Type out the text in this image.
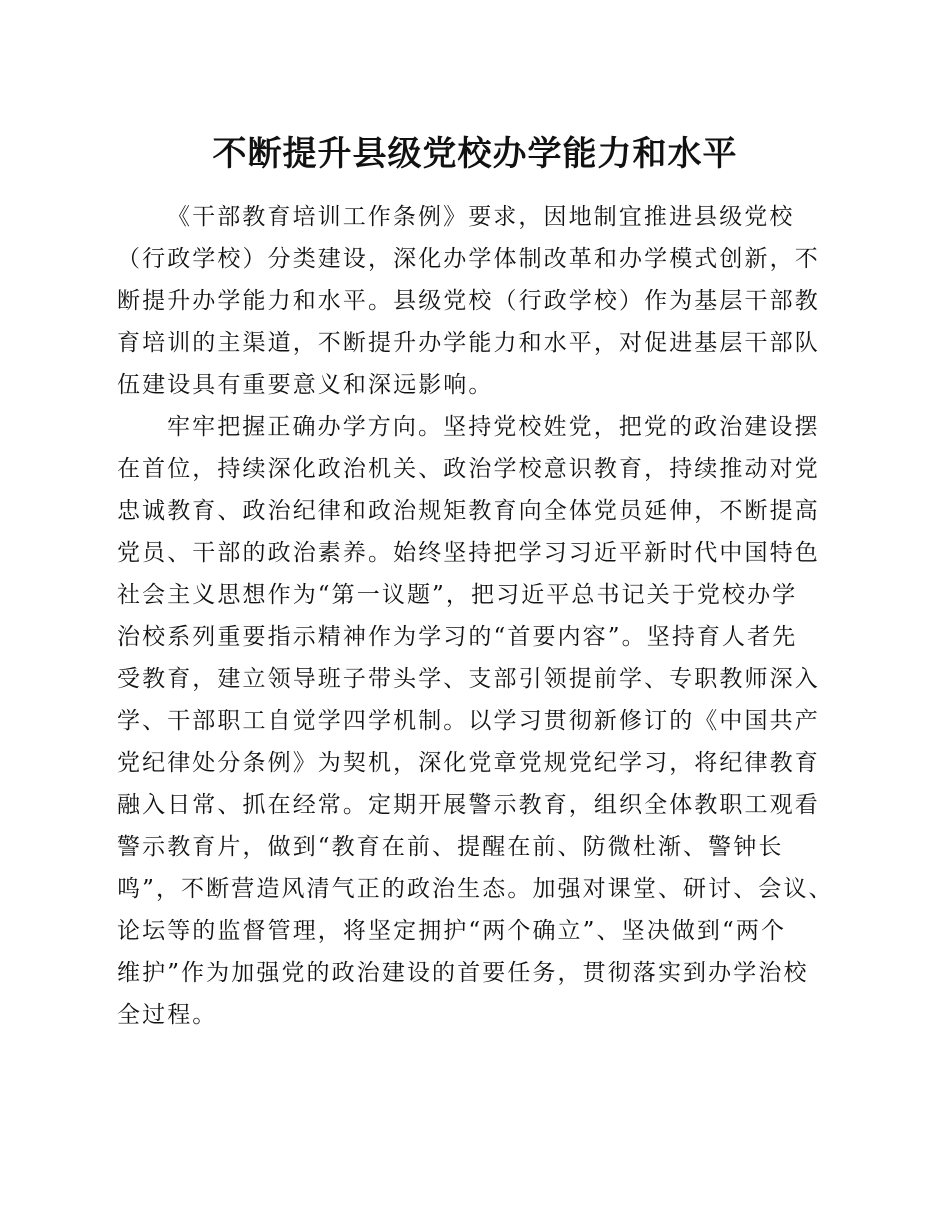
不断提升县级党校办学能力和水平
《干部教育培训工作条例》要求，因地制宜推进县级党校
（行政学校）分类建设，深化办学体制改革和办学模式创新，不
断提升办学能力和水平。县级党校（行政学校）作为基层干部教
育培训的主渠道，不断提升办学能力和水平，对促进基层干部队
伍建设具有重要意义和深远影响。
牢牢把握正确办学方向。坚持党校姓党，把党的政治建设摆
在首位，持续深化政治机关、政治学校意识教育，持续推动对党
忠诚教育、政治纪律和政治规矩教育向全体党员延伸，不断提高
党员、干部的政治素养。始终坚持把学习习近平新时代中国特色
社会主义思想作为“第一议题”，把习近平总书记关于党校办学
治校系列重要指示精神作为学习的“首要内容”。坚持育人者先
受教育，建立领导班子带头学、支部引领提前学、专职教师深入
学、干部职工自觉学四学机制。以学习贯彻新修订的《中国共产
党纪律处分条例》为契机，深化党章党规党纪学习，将纪律教育
融入日常、抓在经常。定期开展警示教育，组织全体教职工观看
警示教育片，做到“教育在前、提醒在前、防微杜渐、警钟长
鸣”，不断营造风清气正的政治生态。加强对课堂、研讨、会议、
论坛等的监督管理，将坚定拥护“两个确立”、坚决做到“两个
维护”作为加强党的政治建设的首要任务，贯彻落实到办学治校
全过程。
